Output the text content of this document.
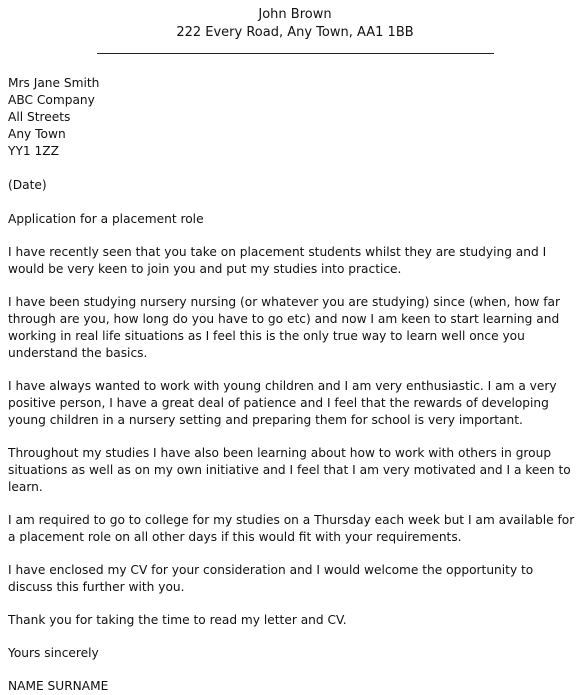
John Brown
222 Every Road, Any Town, AA1 1BB

Mrs Jane Smith
ABC Company
All Streets
Any Town
YY1 1ZZ

(Date)

Application for a placement role

I have recently seen that you take on placement students whilst they are studying and I would be very keen to join you and put my studies into practice.

I have been studying nursery nursing (or whatever you are studying) since (when, how far through are you, how long do you have to go etc) and now I am keen to start learning and working in real life situations as I feel this is the only true way to learn well once you understand the basics.

I have always wanted to work with young children and I am very enthusiastic. I am a very positive person, I have a great deal of patience and I feel that the rewards of developing young children in a nursery setting and preparing them for school is very important.

Throughout my studies I have also been learning about how to work with others in group situations as well as on my own initiative and I feel that I am very motivated and I a keen to learn.

I am required to go to college for my studies on a Thursday each week but I am available for a placement role on all other days if this would fit with your requirements.

I have enclosed my CV for your consideration and I would welcome the opportunity to discuss this further with you.

Thank you for taking the time to read my letter and CV.

Yours sincerely

NAME SURNAME
